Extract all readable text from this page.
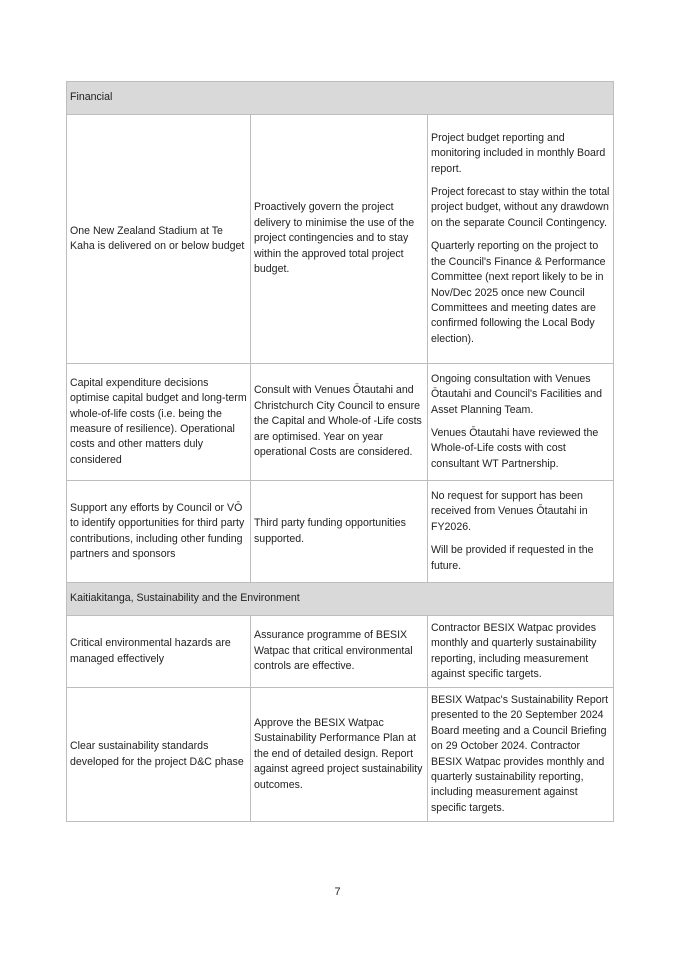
Financial		
One New Zealand Stadium at Te Kaha is delivered on or below budget	Proactively govern the project delivery to minimise the use of the project contingencies and to stay within the approved total project budget.	Project budget reporting and monitoring included in monthly Board report.

Project forecast to stay within the total project budget, without any drawdown on the separate Council Contingency.

Quarterly reporting on the project to the Council's Finance & Performance Committee (next report likely to be in Nov/Dec 2025 once new Council Committees and meeting dates are confirmed following the Local Body election).

Capital expenditure decisions optimise capital budget and long-term whole-of-life costs (i.e. being the measure of resilience). Operational costs and other matters duly considered	Consult with Venues Ōtautahi and Christchurch City Council to ensure the Capital and Whole-of -Life costs are optimised. Year on year operational Costs are considered.	Ongoing consultation with Venues Ōtautahi and Council's Facilities and Asset Planning Team.

Venues Ōtautahi have reviewed the Whole-of-Life costs with cost consultant WT Partnership.

Support any efforts by Council or VŌ to identify opportunities for third party contributions, including other funding partners and sponsors	Third party funding opportunities supported.	No request for support has been received from Venues Ōtautahi in FY2026.

Will be provided if requested in the future.

Kaitiakitanga, Sustainability and the Environment		
Critical environmental hazards are managed effectively	Assurance programme of BESIX Watpac that critical environmental controls are effective.	Contractor BESIX Watpac provides monthly and quarterly sustainability reporting, including measurement against specific targets.

Clear sustainability standards developed for the project D&C phase	Approve the BESIX Watpac Sustainability Performance Plan at the end of detailed design. Report against agreed project sustainability outcomes.	BESIX Watpac's Sustainability Report presented to the 20 September 2024 Board meeting and a Council Briefing on 29 October 2024. Contractor BESIX Watpac provides monthly and quarterly sustainability reporting, including measurement against specific targets.

7
